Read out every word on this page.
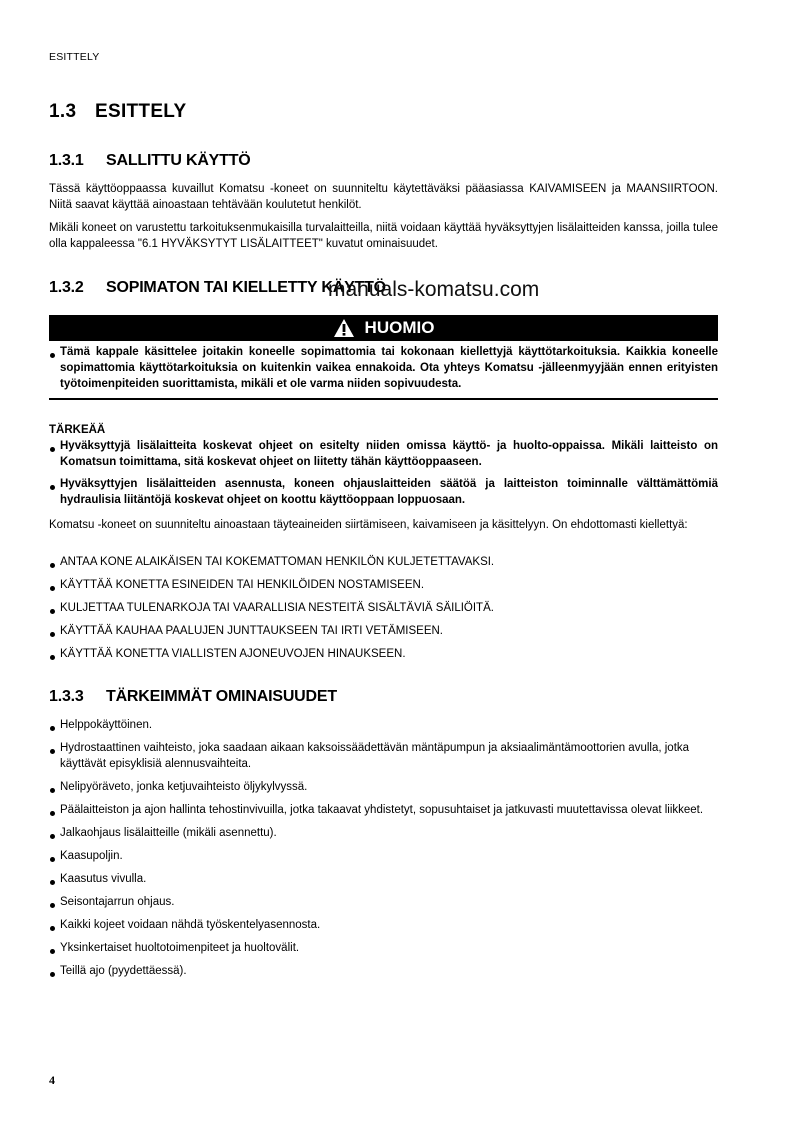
ESITTELY
1.3 ESITTELY
1.3.1 SALLITTU KÄYTTÖ
Tässä käyttöoppaassa kuvaillut Komatsu -koneet on suunniteltu käytettäväksi pääasiassa KAIVAMISEEN ja MAANSIIRTOON. Niitä saavat käyttää ainoastaan tehtävään koulutetut henkilöt.
Mikäli koneet on varustettu tarkoituksenmukaisilla turvalaitteilla, niitä voidaan käyttää hyväksyttyjen lisälaitteiden kanssa, joilla tulee olla kappaleessa "6.1 HYVÄKSYTYT LISÄLAITTEET" kuvatut ominaisuudet.
1.3.2 SOPIMATON TAI KIELLETTY KÄYTTÖ
manuals-komatsu.com
HUOMIO
Tämä kappale käsittelee joitakin koneelle sopimattomia tai kokonaan kiellettyjä käyttötarkoituksia. Kaikkia koneelle sopimattomia käyttötarkoituksia on kuitenkin vaikea ennakoida. Ota yhteys Komatsu -jälleenmyyjään ennen erityisten työtoimenpiteiden suorittamista, mikäli et ole varma niiden sopivuudesta.
TÄRKEÄÄ
Hyväksyttyjä lisälaitteita koskevat ohjeet on esitelty niiden omissa käyttö- ja huolto-oppaissa. Mikäli laitteisto on Komatsun toimittama, sitä koskevat ohjeet on liitetty tähän käyttöoppaaseen.
Hyväksyttyjen lisälaitteiden asennusta, koneen ohjauslaitteiden säätöä ja laitteiston toiminnalle välttämättömiä hydraulisia liitäntöjä koskevat ohjeet on koottu käyttöoppaan loppuosaan.
Komatsu -koneet on suunniteltu ainoastaan täyteaineiden siirtämiseen, kaivamiseen ja käsittelyyn. On ehdottomasti kiellettyä:
ANTAA KONE ALAIKÄISEN TAI KOKEMATTOMAN HENKILÖN KULJETETTAVAKSI.
KÄYTTÄÄ KONETTA ESINEIDEN TAI HENKILÖIDEN NOSTAMISEEN.
KULJETTAA TULENARKOJA TAI VAARALLISIA NESTEITÄ SISÄLTÄVIÄ SÄILIÖITÄ.
KÄYTTÄÄ KAUHAA PAALUJEN JUNTTAUKSEEN TAI IRTI VETÄMISEEN.
KÄYTTÄÄ KONETTA VIALLISTEN AJONEUVOJEN HINAUKSEEN.
1.3.3 TÄRKEIMMÄT OMINAISUUDET
Helppokäyttöinen.
Hydrostaattinen vaihteisto, joka saadaan aikaan kaksoissäädettävän mäntäpumpun ja aksiaalimäntämoottorien avulla, jotka käyttävät episyklisiä alennusvaihteita.
Nelipyöräveto, jonka ketjuvaihteisto öljykylvyssä.
Päälaitteiston ja ajon hallinta tehostinvivuilla, jotka takaavat yhdistetyt, sopusuhtaiset ja jatkuvasti muutettavissa olevat liikkeet.
Jalkaohjaus lisälaitteille (mikäli asennettu).
Kaasupoljin.
Kaasutus vivulla.
Seisontajarrun ohjaus.
Kaikki kojeet voidaan nähdä työskentelyasennosta.
Yksinkertaiset huoltotoimenpiteet ja huoltovälit.
Teillä ajo (pyydettäessä).
4
